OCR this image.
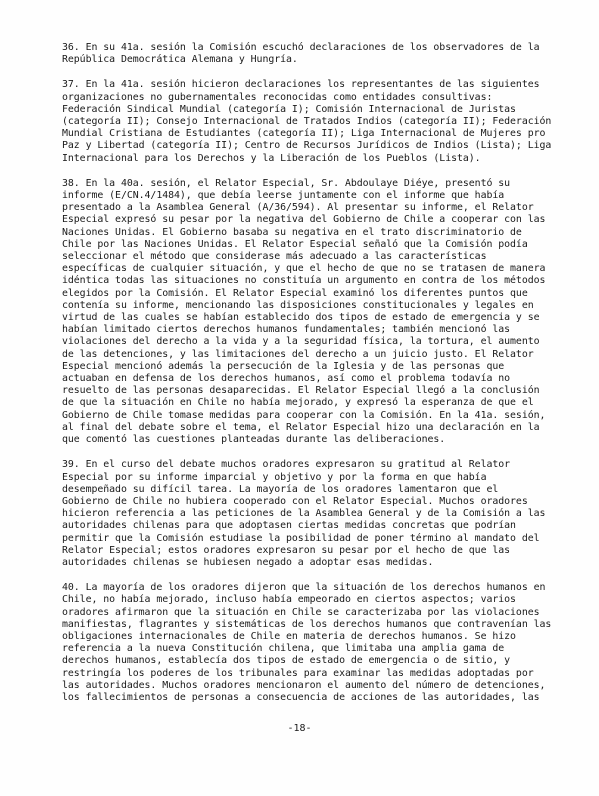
36. En su 41a. sesión la Comisión escuchó declaraciones de los observadores de la
República Democrática Alemana y Hungría.

37. En la 41a. sesión hicieron declaraciones los representantes de las siguientes
organizaciones no gubernamentales reconocidas como entidades consultivas:
Federación Sindical Mundial (categoría I); Comisión Internacional de Juristas
(categoría II); Consejo Internacional de Tratados Indios (categoría II); Federación
Mundial Cristiana de Estudiantes (categoría II); Liga Internacional de Mujeres pro
Paz y Libertad (categoría II); Centro de Recursos Jurídicos de Indios (Lista); Liga
Internacional para los Derechos y la Liberación de los Pueblos (Lista).

38. En la 40a. sesión, el Relator Especial, Sr. Abdoulaye Diéye, presentó su
informe (E/CN.4/1484), que debía leerse juntamente con el informe que había
presentado a la Asamblea General (A/36/594). Al presentar su informe, el Relator
Especial expresó su pesar por la negativa del Gobierno de Chile a cooperar con las
Naciones Unidas. El Gobierno basaba su negativa en el trato discriminatorio de
Chile por las Naciones Unidas. El Relator Especial señaló que la Comisión podía
seleccionar el método que considerase más adecuado a las características
específicas de cualquier situación, y que el hecho de que no se tratasen de manera
idéntica todas las situaciones no constituía un argumento en contra de los métodos
elegidos por la Comisión. El Relator Especial examinó los diferentes puntos que
contenía su informe, mencionando las disposiciones constitucionales y legales en
virtud de las cuales se habían establecido dos tipos de estado de emergencia y se
habían limitado ciertos derechos humanos fundamentales; también mencionó las
violaciones del derecho a la vida y a la seguridad física, la tortura, el aumento
de las detenciones, y las limitaciones del derecho a un juicio justo. El Relator
Especial mencionó además la persecución de la Iglesia y de las personas que
actuaban en defensa de los derechos humanos, así como el problema todavía no
resuelto de las personas desaparecidas. El Relator Especial llegó a la conclusión
de que la situación en Chile no había mejorado, y expresó la esperanza de que el
Gobierno de Chile tomase medidas para cooperar con la Comisión. En la 41a. sesión,
al final del debate sobre el tema, el Relator Especial hizo una declaración en la
que comentó las cuestiones planteadas durante las deliberaciones.

39. En el curso del debate muchos oradores expresaron su gratitud al Relator
Especial por su informe imparcial y objetivo y por la forma en que había
desempeñado su difícil tarea. La mayoría de los oradores lamentaron que el
Gobierno de Chile no hubiera cooperado con el Relator Especial. Muchos oradores
hicieron referencia a las peticiones de la Asamblea General y de la Comisión a las
autoridades chilenas para que adoptasen ciertas medidas concretas que podrían
permitir que la Comisión estudiase la posibilidad de poner término al mandato del
Relator Especial; estos oradores expresaron su pesar por el hecho de que las
autoridades chilenas se hubiesen negado a adoptar esas medidas.

40. La mayoría de los oradores dijeron que la situación de los derechos humanos en
Chile, no había mejorado, incluso había empeorado en ciertos aspectos; varios
oradores afirmaron que la situación en Chile se caracterizaba por las violaciones
manifiestas, flagrantes y sistemáticas de los derechos humanos que contravenían las
obligaciones internacionales de Chile en materia de derechos humanos. Se hizo
referencia a la nueva Constitución chilena, que limitaba una amplia gama de
derechos humanos, establecía dos tipos de estado de emergencia o de sitio, y
restringía los poderes de los tribunales para examinar las medidas adoptadas por
las autoridades. Muchos oradores mencionaron el aumento del número de detenciones,
los fallecimientos de personas a consecuencia de acciones de las autoridades, las

-18-
